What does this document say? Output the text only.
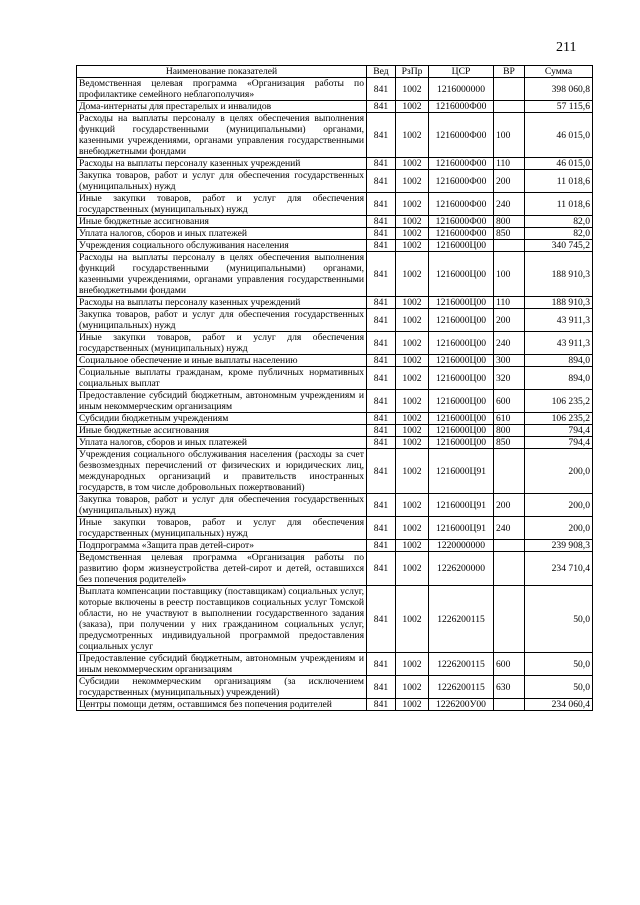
211
Наименование показателей	Вед	РзПр	ЦСР	ВР	Сумма
Ведомственная целевая программа «Организация работы по профилактике семейного неблагополучия»	841	1002	1216000000		398 060,8
Дома-интернаты для престарелых и инвалидов	841	1002	1216000Ф00		57 115,6
Расходы на выплаты персоналу в целях обеспечения выполнения функций государственными (муниципальными) органами, казенными учреждениями, органами управления государственными внебюджетными фондами	841	1002	1216000Ф00	100	46 015,0
Расходы на выплаты персоналу казенных учреждений	841	1002	1216000Ф00	110	46 015,0
Закупка товаров, работ и услуг для обеспечения государственных (муниципальных) нужд	841	1002	1216000Ф00	200	11 018,6
Иные закупки товаров, работ и услуг для обеспечения государственных (муниципальных) нужд	841	1002	1216000Ф00	240	11 018,6
Иные бюджетные ассигнования	841	1002	1216000Ф00	800	82,0
Уплата налогов, сборов и иных платежей	841	1002	1216000Ф00	850	82,0
Учреждения социального обслуживания населения	841	1002	1216000Ц00		340 745,2
Расходы на выплаты персоналу в целях обеспечения выполнения функций государственными (муниципальными) органами, казенными учреждениями, органами управления государственными внебюджетными фондами	841	1002	1216000Ц00	100	188 910,3
Расходы на выплаты персоналу казенных учреждений	841	1002	1216000Ц00	110	188 910,3
Закупка товаров, работ и услуг для обеспечения государственных (муниципальных) нужд	841	1002	1216000Ц00	200	43 911,3
Иные закупки товаров, работ и услуг для обеспечения государственных (муниципальных) нужд	841	1002	1216000Ц00	240	43 911,3
Социальное обеспечение и иные выплаты населению	841	1002	1216000Ц00	300	894,0
Социальные выплаты гражданам, кроме публичных нормативных социальных выплат	841	1002	1216000Ц00	320	894,0
Предоставление субсидий бюджетным, автономным учреждениям и иным некоммерческим организациям	841	1002	1216000Ц00	600	106 235,2
Субсидии бюджетным учреждениям	841	1002	1216000Ц00	610	106 235,2
Иные бюджетные ассигнования	841	1002	1216000Ц00	800	794,4
Уплата налогов, сборов и иных платежей	841	1002	1216000Ц00	850	794,4
Учреждения социального обслуживания населения (расходы за счет безвозмездных перечислений от физических и юридических лиц, международных организаций и правительств иностранных государств, в том числе добровольных пожертвований)	841	1002	1216000Ц91		200,0
Закупка товаров, работ и услуг для обеспечения государственных (муниципальных) нужд	841	1002	1216000Ц91	200	200,0
Иные закупки товаров, работ и услуг для обеспечения государственных (муниципальных) нужд	841	1002	1216000Ц91	240	200,0
Подпрограмма «Защита прав детей-сирот»	841	1002	1220000000		239 908,3
Ведомственная целевая программа «Организация работы по развитию форм жизнеустройства детей-сирот и детей, оставшихся без попечения родителей»	841	1002	1226200000		234 710,4
Выплата компенсации поставщику (поставщикам) социальных услуг, которые включены в реестр поставщиков социальных услуг Томской области, но не участвуют в выполнении государственного задания (заказа), при получении у них гражданином социальных услуг, предусмотренных индивидуальной программой предоставления социальных услуг	841	1002	1226200115		50,0
Предоставление субсидий бюджетным, автономным учреждениям и иным некоммерческим организациям	841	1002	1226200115	600	50,0
Субсидии некоммерческим организациям (за исключением государственных (муниципальных) учреждений)	841	1002	1226200115	630	50,0
Центры помощи детям, оставшимся без попечения родителей	841	1002	1226200У00		234 060,4
